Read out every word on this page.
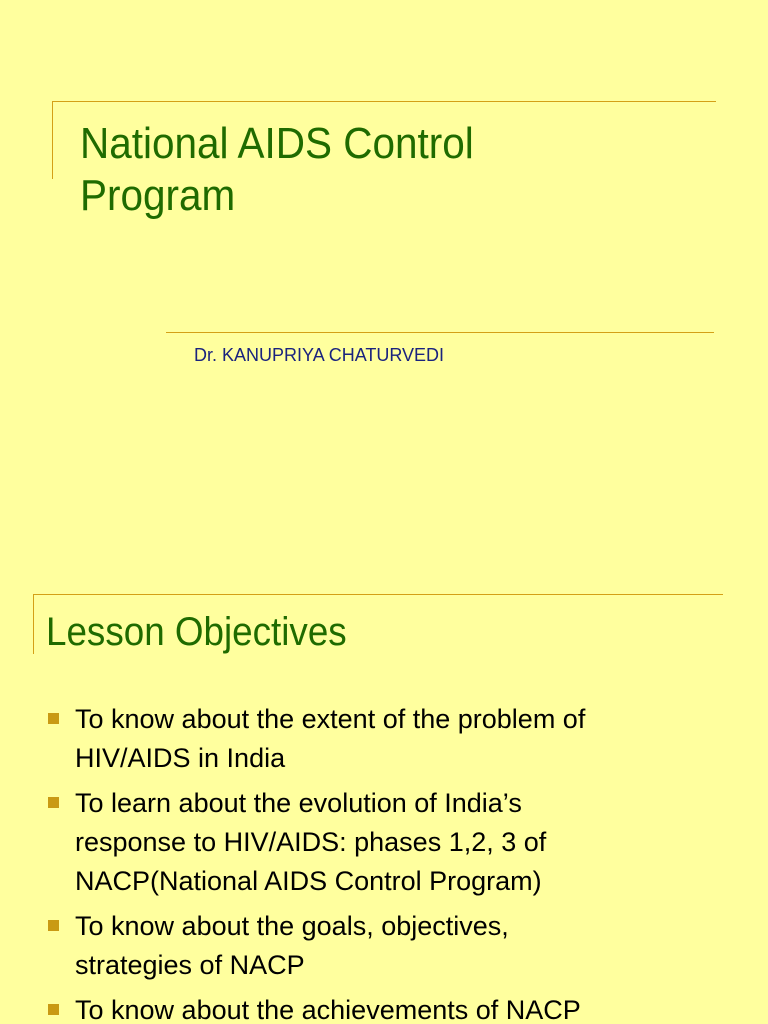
National AIDS Control
Program

Dr. KANUPRIYA CHATURVEDI

Lesson Objectives
To know about the extent of the problem of
HIV/AIDS in India
To learn about the evolution of India’s
response to HIV/AIDS: phases 1,2, 3 of
NACP(National AIDS Control Program)
To know about the goals, objectives,
strategies of NACP
To know about the achievements of NACP
